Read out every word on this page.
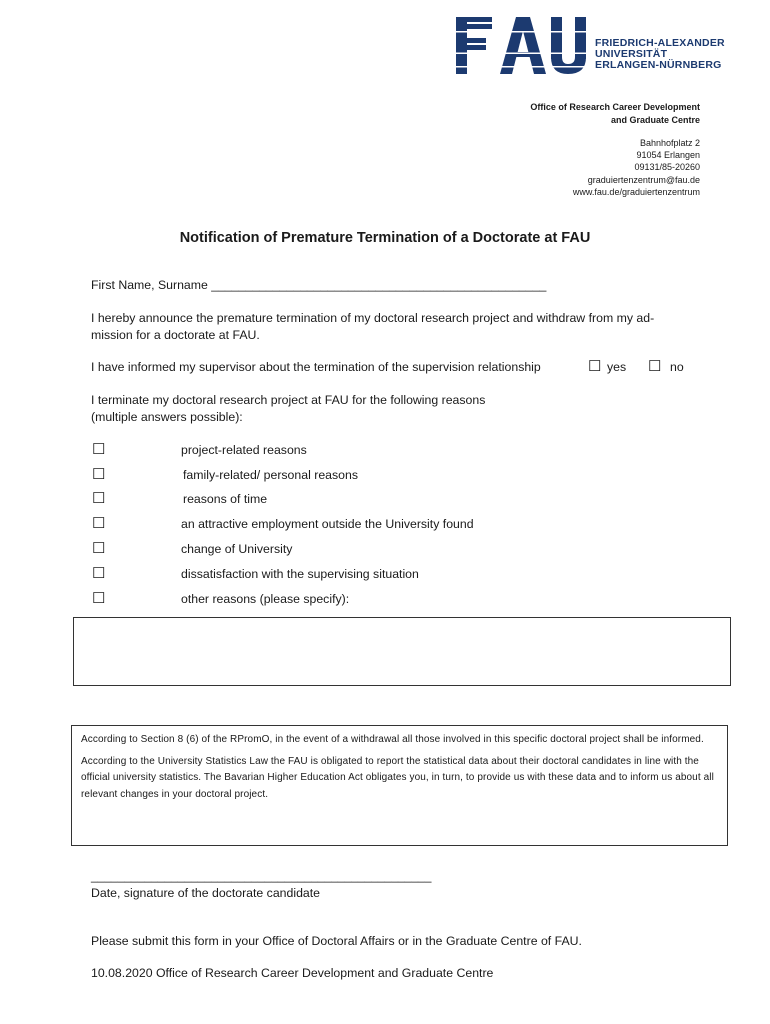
FRIEDRICH-ALEXANDER
UNIVERSITÄT
ERLANGEN-NÜRNBERG
Office of Research Career Development
and Graduate Centre
Bahnhofplatz 2
91054 Erlangen
09131/85-20260
graduiertenzentrum@fau.de
www.fau.de/graduiertenzentrum
Notification of Premature Termination of a Doctorate at FAU
First Name, Surname _________________________________________________
I hereby announce the premature termination of my doctoral research project and withdraw from my ad-
mission for a doctorate at FAU.
I have informed my supervisor about the termination of the supervision relationship	☐ yes ☐ no
I terminate my doctoral research project at FAU for the following reasons
(multiple answers possible):
☐	project-related reasons
☐	family-related/ personal reasons
☐	reasons of time
☐	an attractive employment outside the University found
☐	change of University
☐	dissatisfaction with the supervising situation
☐	other reasons (please specify):

According to Section 8 (6) of the RPromO, in the event of a withdrawal all those involved in this specific doctoral project shall be informed.

According to the University Statistics Law the FAU is obligated to report the statistical data about their doctoral candidates in line with the official university statistics. The Bavarian Higher Education Act obligates you, in turn, to provide us with these data and to inform us about all relevant changes in your doctoral project.

___________________________________________________
Date, signature of the doctorate candidate
Please submit this form in your Office of Doctoral Affairs or in the Graduate Centre of FAU.
10.08.2020 Office of Research Career Development and Graduate Centre
